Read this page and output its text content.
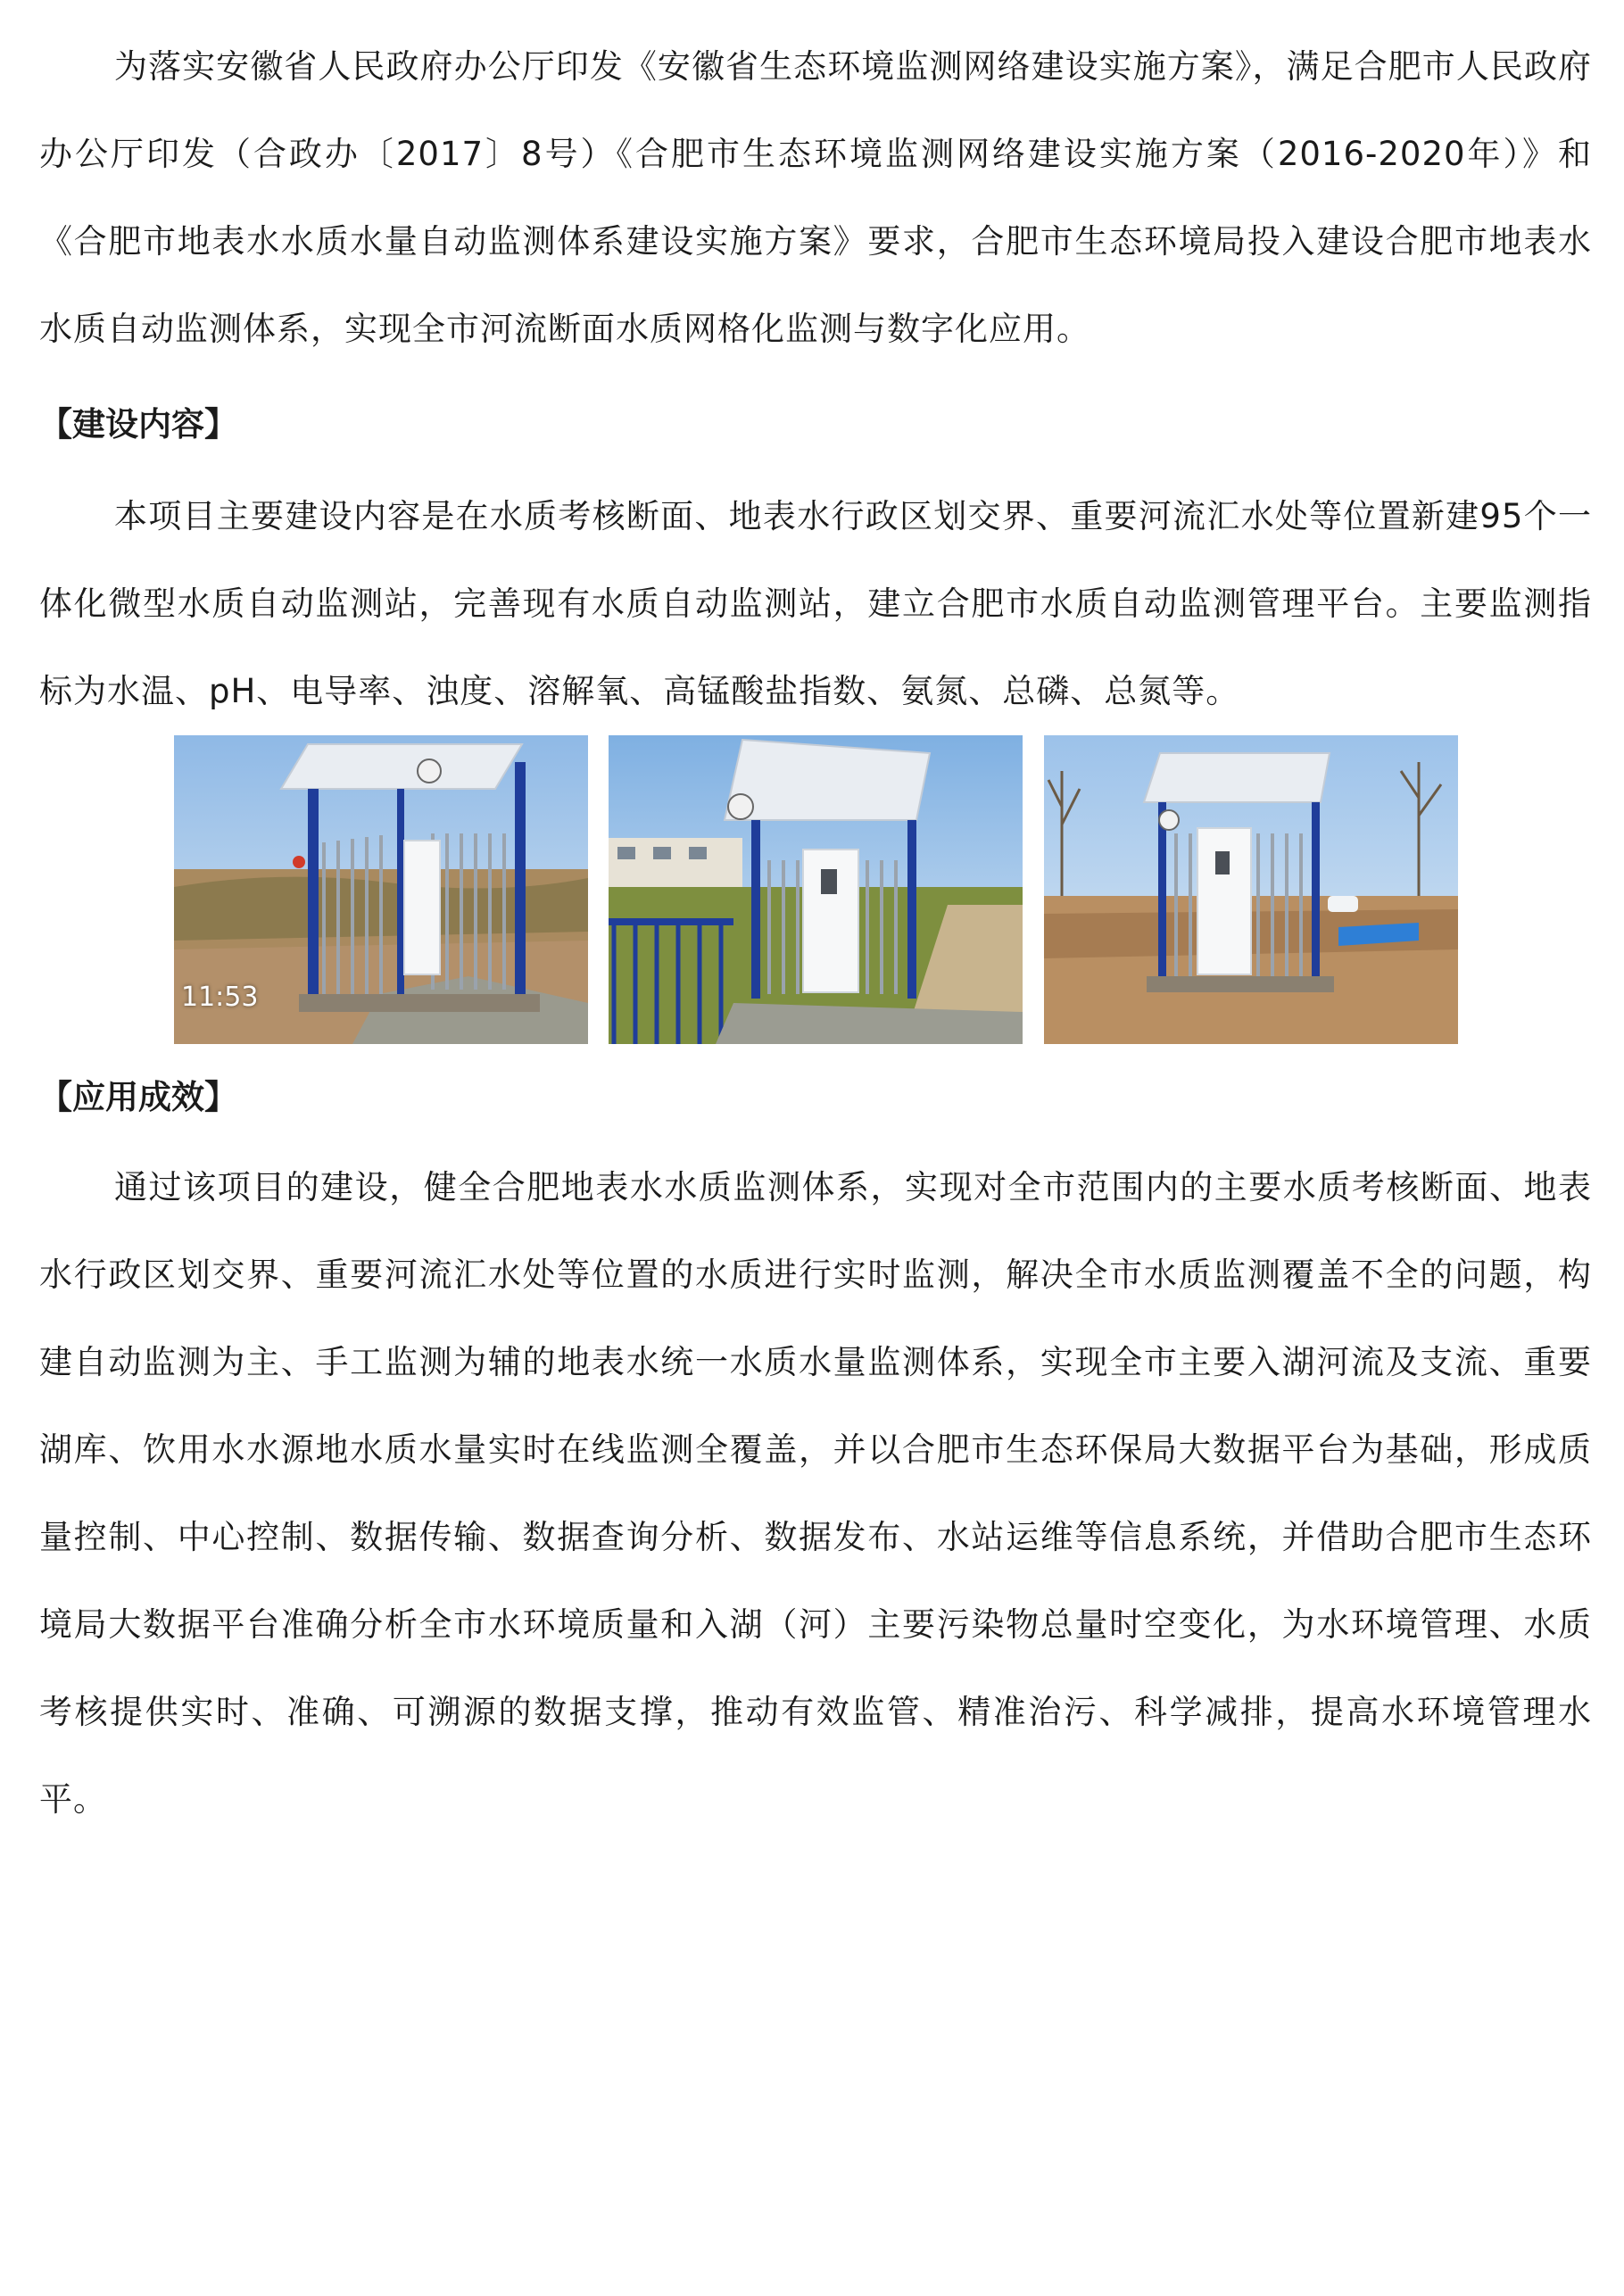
为落实安徽省人民政府办公厅印发《安徽省生态环境监测网络建设实施方案》，满足合肥市人民政府办公厅印发（合政办〔2017〕8号）《合肥市生态环境监测网络建设实施方案（2016-2020年）》和《合肥市地表水水质水量自动监测体系建设实施方案》要求，合肥市生态环境局投入建设合肥市地表水水质自动监测体系，实现全市河流断面水质网格化监测与数字化应用。

【建设内容】

本项目主要建设内容是在水质考核断面、地表水行政区划交界、重要河流汇水处等位置新建95个一体化微型水质自动监测站，完善现有水质自动监测站，建立合肥市水质自动监测管理平台。主要监测指标为水温、pH、电导率、浊度、溶解氧、高锰酸盐指数、氨氮、总磷、总氮等。

11:53

【应用成效】

通过该项目的建设，健全合肥地表水水质监测体系，实现对全市范围内的主要水质考核断面、地表水行政区划交界、重要河流汇水处等位置的水质进行实时监测，解决全市水质监测覆盖不全的问题，构建自动监测为主、手工监测为辅的地表水统一水质水量监测体系，实现全市主要入湖河流及支流、重要湖库、饮用水水源地水质水量实时在线监测全覆盖，并以合肥市生态环保局大数据平台为基础，形成质量控制、中心控制、数据传输、数据查询分析、数据发布、水站运维等信息系统，并借助合肥市生态环境局大数据平台准确分析全市水环境质量和入湖（河）主要污染物总量时空变化，为水环境管理、水质考核提供实时、准确、可溯源的数据支撑，推动有效监管、精准治污、科学减排，提高水环境管理水平。
